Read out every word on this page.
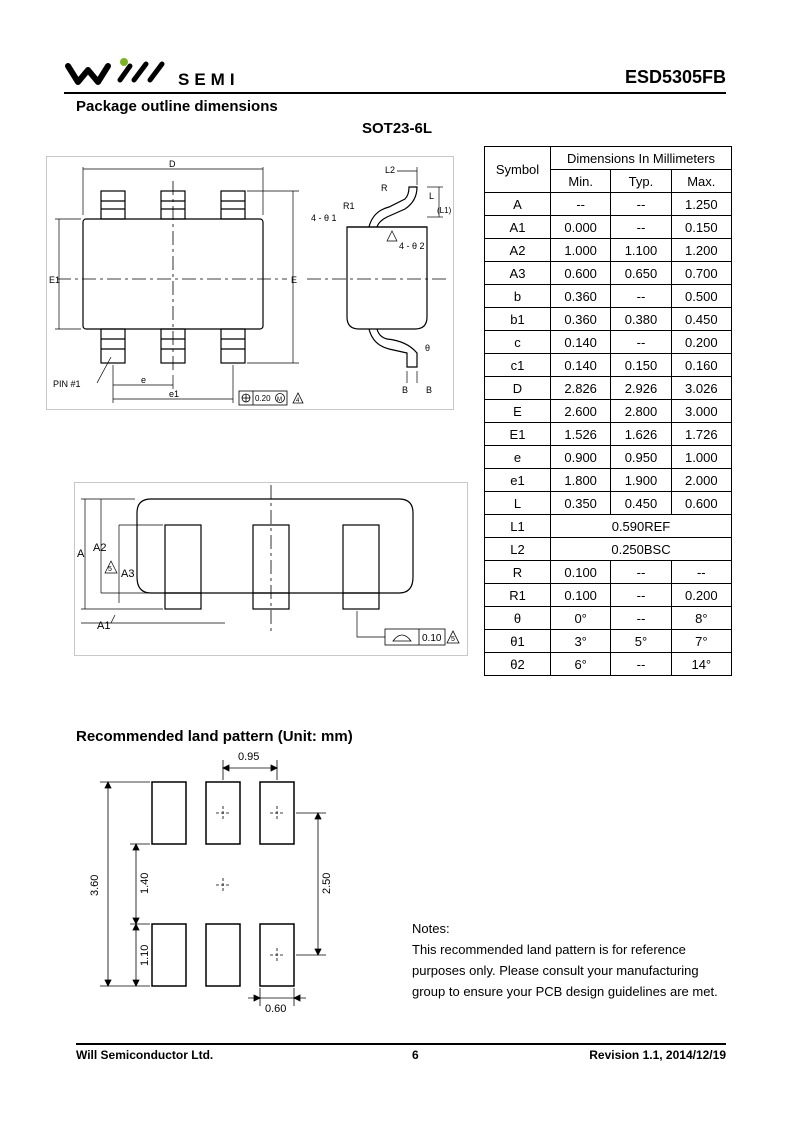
SEMI	ESD5305FB
Package outline dimensions
SOT23-6L
D
E1	E
PIN #1	e
e1	0.20 M 4
L2
L
(L1)
R1
R
4 - θ 1
4 - θ 2
θ
B B
A A2
A3
A1
5
0.10 5
Symbol	Dimensions In Millimeters		
	Min.	Typ.	Max.
A	--	--	1.250
A1	0.000	--	0.150
A2	1.000	1.100	1.200
A3	0.600	0.650	0.700
b	0.360	--	0.500
b1	0.360	0.380	0.450
c	0.140	--	0.200
c1	0.140	0.150	0.160
D	2.826	2.926	3.026
E	2.600	2.800	3.000
E1	1.526	1.626	1.726
e	0.900	0.950	1.000
e1	1.800	1.900	2.000
L	0.350	0.450	0.600
L1	0.590REF		
L2	0.250BSC		
R	0.100	--	--
R1	0.100	--	0.200
θ	0°	--	8°
θ1	3°	5°	7°
θ2	6°	--	14°
Recommended land pattern (Unit: mm)
0.95
0.60
3.60	1.40
1.10
2.50
Notes:
This recommended land pattern is for reference
purposes only. Please consult your manufacturing
group to ensure your PCB design guidelines are met.
Will Semiconductor Ltd.	6	Revision 1.1, 2014/12/19
